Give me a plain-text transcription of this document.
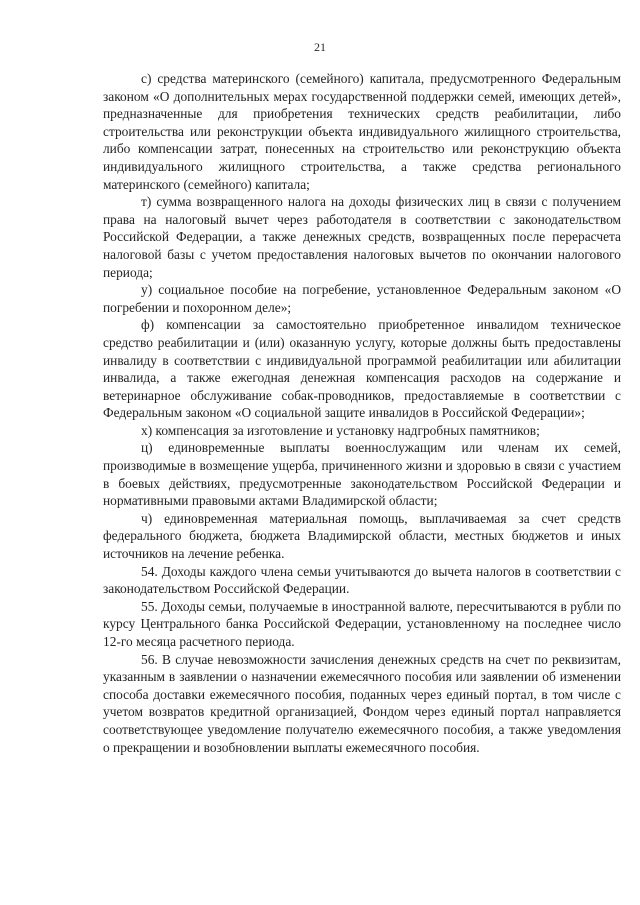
21

с) средства материнского (семейного) капитала, предусмотренного Федеральным законом «О дополнительных мерах государственной поддержки семей, имеющих детей», предназначенные для приобретения технических средств реабилитации, либо строительства или реконструкции объекта индивидуального жилищного строительства, либо компенсации затрат, понесенных на строительство или реконструкцию объекта индивидуального жилищного строительства, а также средства регионального материнского (семейного) капитала;

т) сумма возвращенного налога на доходы физических лиц в связи с получением права на налоговый вычет через работодателя в соответствии с законодательством Российской Федерации, а также денежных средств, возвращенных после перерасчета налоговой базы с учетом предоставления налоговых вычетов по окончании налогового периода;

у) социальное пособие на погребение, установленное Федеральным законом «О погребении и похоронном деле»;

ф) компенсации за самостоятельно приобретенное инвалидом техническое средство реабилитации и (или) оказанную услугу, которые должны быть предоставлены инвалиду в соответствии с индивидуальной программой реабилитации или абилитации инвалида, а также ежегодная денежная компенсация расходов на содержание и ветеринарное обслуживание собак-проводников, предоставляемые в соответствии с Федеральным законом «О социальной защите инвалидов в Российской Федерации»;

х) компенсация за изготовление и установку надгробных памятников;

ц) единовременные выплаты военнослужащим или членам их семей, производимые в возмещение ущерба, причиненного жизни и здоровью в связи с участием в боевых действиях, предусмотренные законодательством Российской Федерации и нормативными правовыми актами Владимирской области;

ч) единовременная материальная помощь, выплачиваемая за счет средств федерального бюджета, бюджета Владимирской области, местных бюджетов и иных источников на лечение ребенка.

54. Доходы каждого члена семьи учитываются до вычета налогов в соответствии с законодательством Российской Федерации.

55. Доходы семьи, получаемые в иностранной валюте, пересчитываются в рубли по курсу Центрального банка Российской Федерации, установленному на последнее число 12-го месяца расчетного периода.

56. В случае невозможности зачисления денежных средств на счет по реквизитам, указанным в заявлении о назначении ежемесячного пособия или заявлении об изменении способа доставки ежемесячного пособия, поданных через единый портал, в том числе с учетом возвратов кредитной организацией, Фондом через единый портал направляется соответствующее уведомление получателю ежемесячного пособия, а также уведомления о прекращении и возобновлении выплаты ежемесячного пособия.
